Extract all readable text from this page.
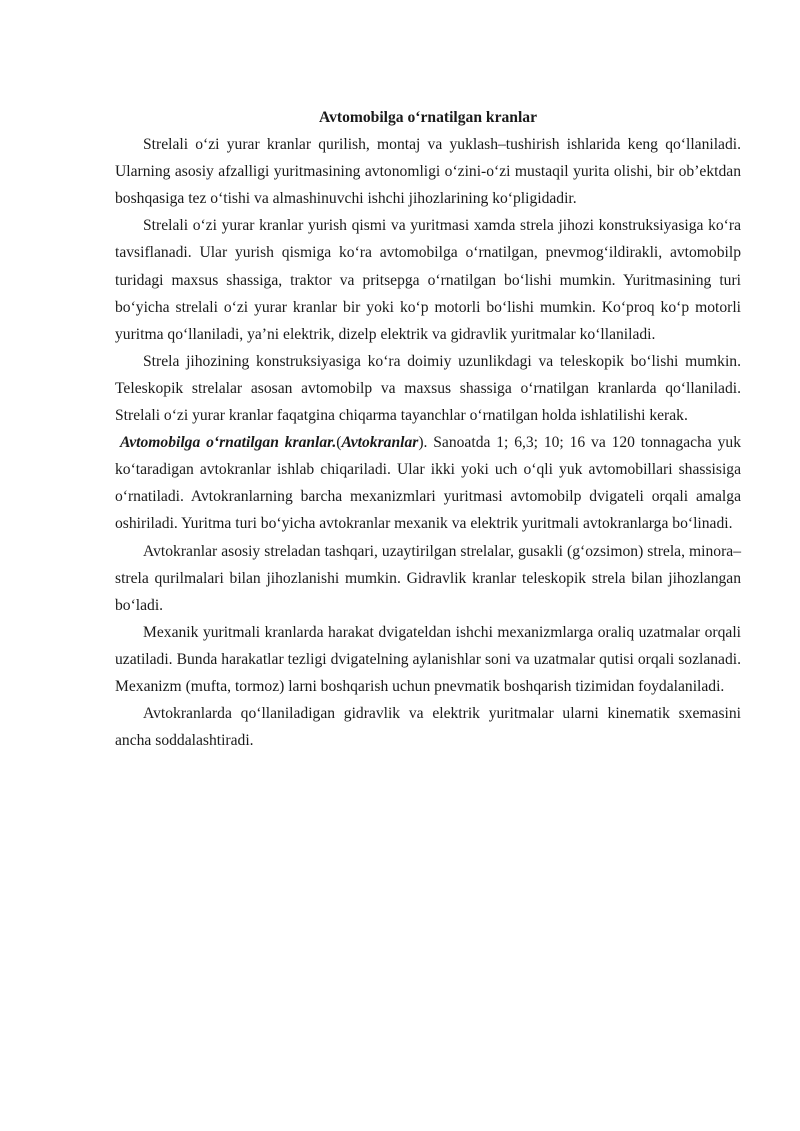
Avtomobilga o‘rnatilgan kranlar

Strelali o‘zi yurar kranlar qurilish, montaj va yuklash–tushirish ishlarida keng qo‘llaniladi. Ularning asosiy afzalligi yuritmasining avtonomligi o‘zini-o‘zi mustaqil yurita olishi, bir ob’ektdan boshqasiga tez o‘tishi va almashinuvchi ishchi jihozlarining ko‘pligidadir.

Strelali o‘zi yurar kranlar yurish qismi va yuritmasi xamda strela jihozi konstruksiyasiga ko‘ra tavsiflanadi. Ular yurish qismiga ko‘ra avtomobilga o‘rnatilgan, pnevmog‘ildirakli, avtomobilp turidagi maxsus shassiga, traktor va pritsepga o‘rnatilgan bo‘lishi mumkin. Yuritmasining turi bo‘yicha strelali o‘zi yurar kranlar bir yoki ko‘p motorli bo‘lishi mumkin. Ko‘proq ko‘p motorli yuritma qo‘llaniladi, ya’ni elektrik, dizelp elektrik va gidravlik yuritmalar ko‘llaniladi.

Strela jihozining konstruksiyasiga ko‘ra doimiy uzunlikdagi va teleskopik bo‘lishi mumkin. Teleskopik strelalar asosan avtomobilp va maxsus shassiga o‘rnatilgan kranlarda qo‘llaniladi. Strelali o‘zi yurar kranlar faqatgina chiqarma tayanchlar o‘rnatilgan holda ishlatilishi kerak.

Avtomobilga o‘rnatilgan kranlar.(Avtokranlar). Sanoatda 1; 6,3; 10; 16 va 120 tonnagacha yuk ko‘taradigan avtokranlar ishlab chiqariladi. Ular ikki yoki uch o‘qli yuk avtomobillari shassisiga o‘rnatiladi. Avtokranlarning barcha mexanizmlari yuritmasi avtomobilp dvigateli orqali amalga oshiriladi. Yuritma turi bo‘yicha avtokranlar mexanik va elektrik yuritmali avtokranlarga bo‘linadi.

Avtokranlar asosiy streladan tashqari, uzaytirilgan strelalar, gusakli (g‘ozsimon) strela, minora–strela qurilmalari bilan jihozlanishi mumkin. Gidravlik kranlar teleskopik strela bilan jihozlangan bo‘ladi.

Mexanik yuritmali kranlarda harakat dvigateldan ishchi mexanizmlarga oraliq uzatmalar orqali uzatiladi. Bunda harakatlar tezligi dvigatelning aylanishlar soni va uzatmalar qutisi orqali sozlanadi. Mexanizm (mufta, tormoz) larni boshqarish uchun pnevmatik boshqarish tizimidan foydalaniladi.

Avtokranlarda qo‘llaniladigan gidravlik va elektrik yuritmalar ularni kinematik sxemasini ancha soddalashtiradi.
